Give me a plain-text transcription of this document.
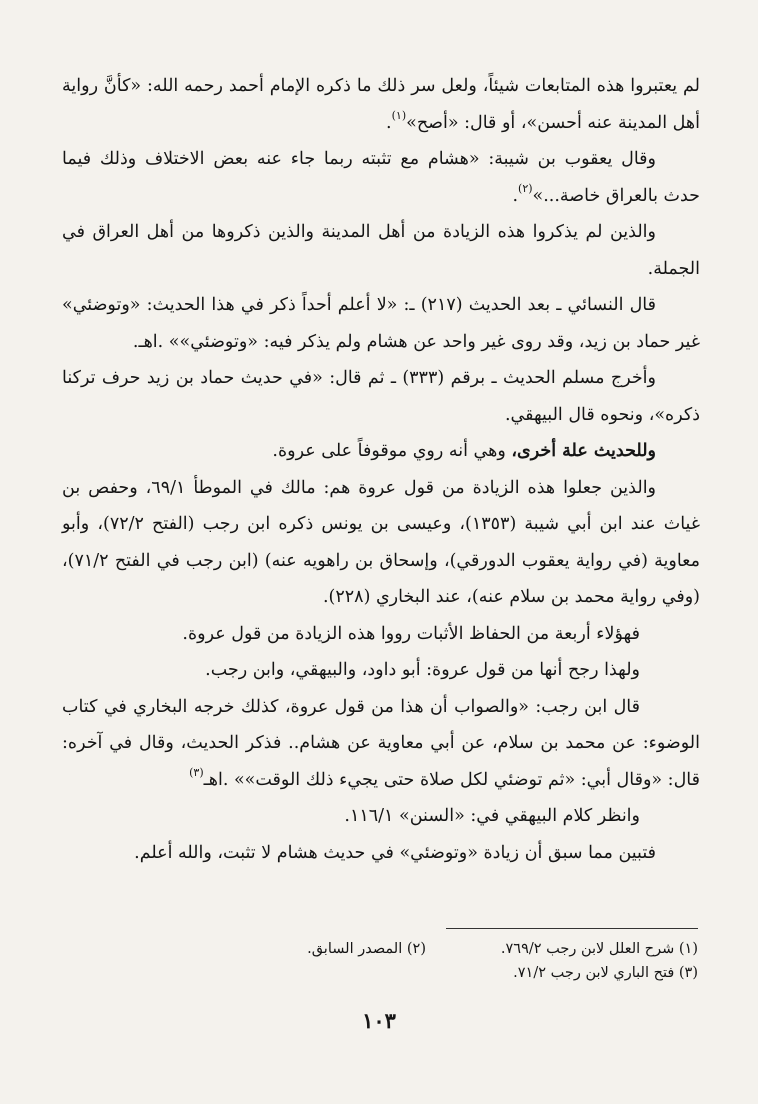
لم يعتبروا هذه المتابعات شيئاً، ولعل سر ذلك ما ذكره الإمام أحمد رحمه الله: «كأنَّ رواية أهل المدينة عنه أحسن»، أو قال: «أصح»$^{(١)}$.

وقال يعقوب بن شيبة: «هشام مع تثبته ربما جاء عنه بعض الاختلاف وذلك فيما حدث بالعراق خاصة...»$^{(٢)}$.

والذين لم يذكروا هذه الزيادة من أهل المدينة والذين ذكروها من أهل العراق في الجملة.

قال النسائي ـ بعد الحديث (٢١٧) ـ: «لا أعلم أحداً ذكر في هذا الحديث: «وتوضئي» غير حماد بن زيد، وقد روى غير واحد عن هشام ولم يذكر فيه: «وتوضئي»» .اهـ.

وأخرج مسلم الحديث ـ برقم (٣٣٣) ـ ثم قال: «في حديث حماد بن زيد حرف تركنا ذكره»، ونحوه قال البيهقي.

وللحديث علة أخرى، وهي أنه روي موقوفاً على عروة.

والذين جعلوا هذه الزيادة من قول عروة هم: مالك في الموطأ ٦٩/١، وحفص بن غياث عند ابن أبي شيبة (١٣٥٣)، وعيسى بن يونس ذكره ابن رجب (الفتح ٧٢/٢)، وأبو معاوية (في رواية يعقوب الدورقي)، وإسحاق بن راهويه عنه) (ابن رجب في الفتح ٧١/٢)، (وفي رواية محمد بن سلام عنه)، عند البخاري (٢٢٨).

فهؤلاء أربعة من الحفاظ الأثبات رووا هذه الزيادة من قول عروة.

ولهذا رجح أنها من قول عروة: أبو داود، والبيهقي، وابن رجب.

قال ابن رجب: «والصواب أن هذا من قول عروة، كذلك خرجه البخاري في كتاب الوضوء: عن محمد بن سلام، عن أبي معاوية عن هشام.. فذكر الحديث، وقال في آخره: قال: «وقال أبي: «ثم توضئي لكل صلاة حتى يجيء ذلك الوقت»» .اهـ$^{(٣)}$

وانظر كلام البيهقي في: «السنن» ١١٦/١.

فتبين مما سبق أن زيادة «وتوضئي» في حديث هشام لا تثبت، والله أعلم.

(١) شرح العلل لابن رجب ٧٦٩/٢.(٢) المصدر السابق.
(٣) فتح الباري لابن رجب ٧١/٢.
١٠٣
